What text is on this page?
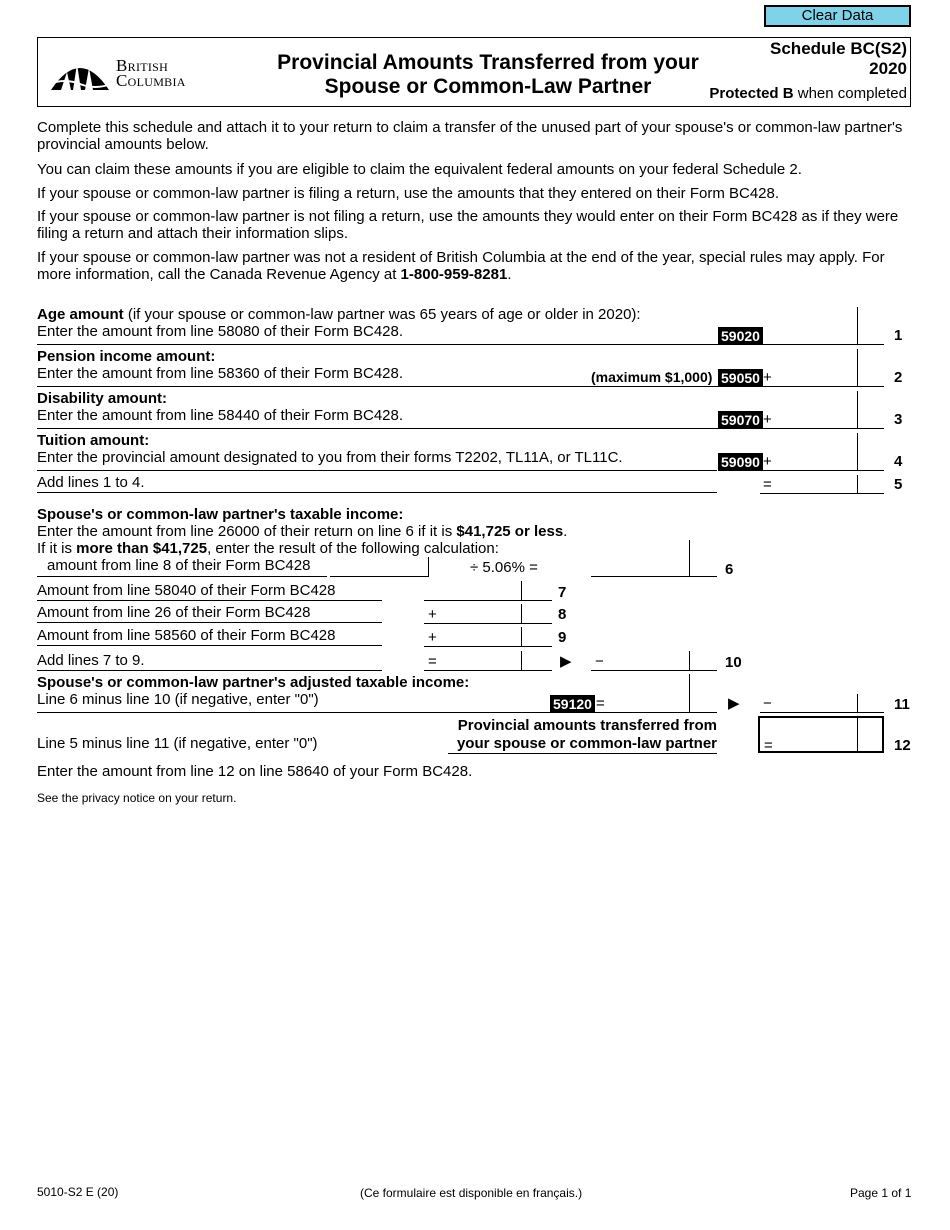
Clear Data
British
Columbia
Provincial Amounts Transferred from your
Spouse or Common-Law Partner
Schedule BC(S2)
2020
Protected B when completed
Complete this schedule and attach it to your return to claim a transfer of the unused part of your spouse's or common-law partner's provincial amounts below.
You can claim these amounts if you are eligible to claim the equivalent federal amounts on your federal Schedule 2.
If your spouse or common-law partner is filing a return, use the amounts that they entered on their Form BC428.
If your spouse or common-law partner is not filing a return, use the amounts they would enter on their Form BC428 as if they were filing a return and attach their information slips.
If your spouse or common-law partner was not a resident of British Columbia at the end of the year, special rules may apply. For more information, call the Canada Revenue Agency at 1-800-959-8281.
Age amount (if your spouse or common-law partner was 65 years of age or older in 2020):
Enter the amount from line 58080 of their Form BC428.	59020	1
Pension income amount:
Enter the amount from line 58360 of their Form BC428.	(maximum $1,000) 59050 +	2
Disability amount:
Enter the amount from line 58440 of their Form BC428.	59070 +	3
Tuition amount:
Enter the provincial amount designated to you from their forms T2202, TL11A, or TL11C.	59090 +	4
Add lines 1 to 4.	=	5
Spouse's or common-law partner's taxable income:
Enter the amount from line 26000 of their return on line 6 if it is $41,725 or less.
If it is more than $41,725, enter the result of the following calculation:
amount from line 8 of their Form BC428	÷ 5.06% =	6
Amount from line 58040 of their Form BC428	7
Amount from line 26 of their Form BC428	+	8
Amount from line 58560 of their Form BC428	+	9
Add lines 7 to 9.	=	▶ −	10
Spouse's or common-law partner's adjusted taxable income:
Line 6 minus line 10 (if negative, enter "0")	59120 =	▶ −	11
Line 5 minus line 11 (if negative, enter "0")
Provincial amounts transferred from
your spouse or common-law partner	=	12
Enter the amount from line 12 on line 58640 of your Form BC428.
See the privacy notice on your return.
5010-S2 E (20)	(Ce formulaire est disponible en français.)	Page 1 of 1
